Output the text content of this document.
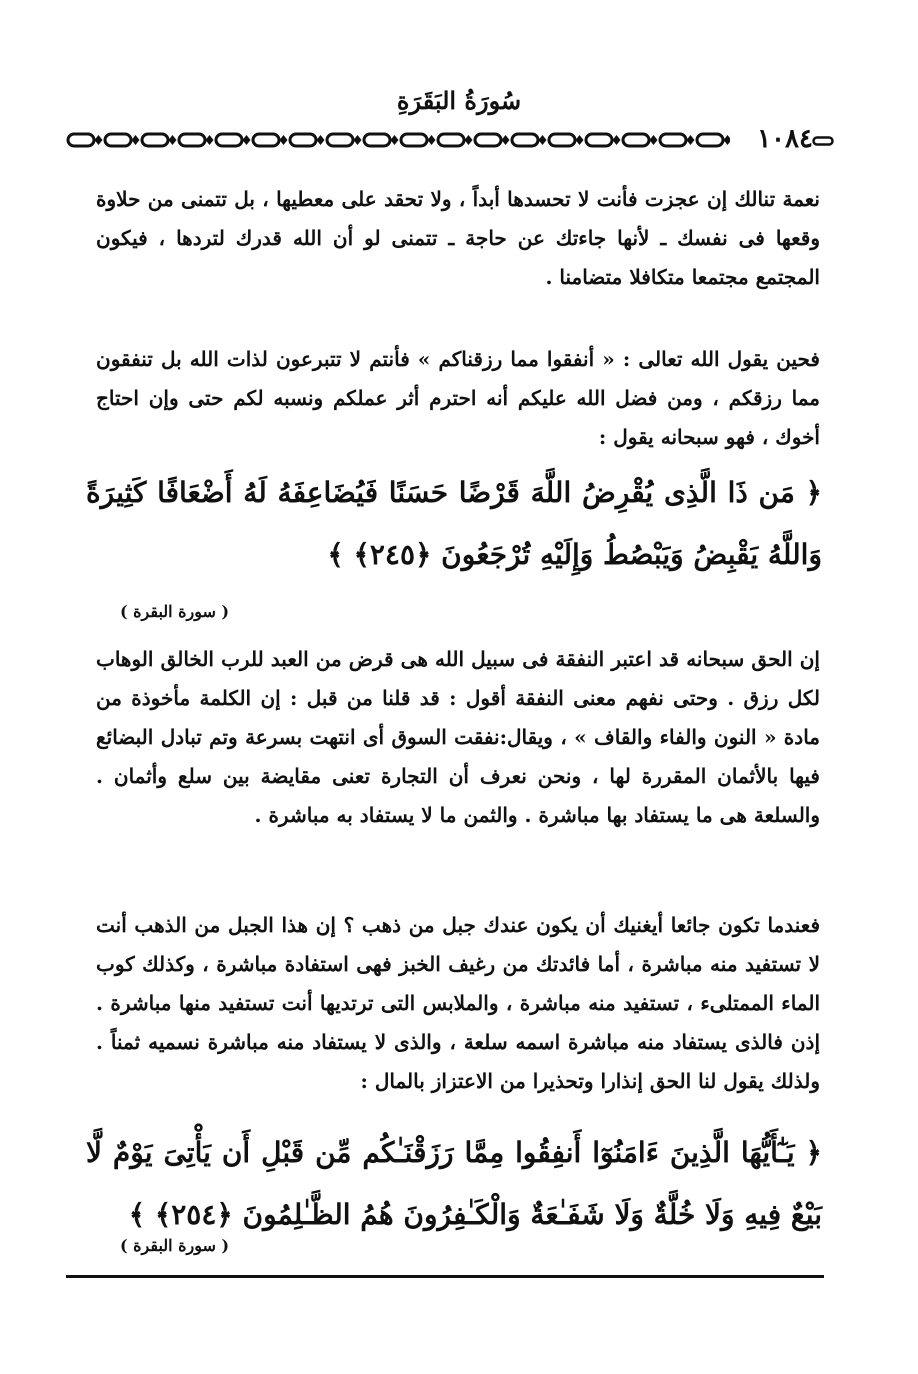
سُورَةُ البَقَرَةِ
١٠٨٤
نعمة تنالك إن عجزت فأنت لا تحسدها أبداً ، ولا تحقد على معطيها ، بل تتمنى من حلاوة وقعها فى نفسك ـ لأنها جاءتك عن حاجة ـ تتمنى لو أن الله قدرك لتردها ، فيكون المجتمع مجتمعا متكافلا متضامنا .
فحين يقول الله تعالى : « أنفقوا مما رزقناكم » فأنتم لا تتبرعون لذات الله بل تنفقون مما رزقكم ، ومن فضل الله عليكم أنه احترم أثر عملكم ونسبه لكم حتى وإن احتاج أخوك ، فهو سبحانه يقول :
﴿ مَن ذَا الَّذِى يُقْرِضُ اللَّهَ قَرْضًا حَسَنًا فَيُضَاعِفَهُ لَهُ أَضْعَافًا كَثِيرَةً وَاللَّهُ يَقْبِضُ وَيَبْصُطُ وَإِلَيْهِ تُرْجَعُونَ ﴿٢٤٥﴾ ﴾
( سورة البقرة )
إن الحق سبحانه قد اعتبر النفقة فى سبيل الله هى قرض من العبد للرب الخالق الوهاب لكل رزق . وحتى نفهم معنى النفقة أقول : قد قلنا من قبل : إن الكلمة مأخوذة من مادة « النون والفاء والقاف » ، ويقال:نفقت السوق أى انتهت بسرعة وتم تبادل البضائع فيها بالأثمان المقررة لها ، ونحن نعرف أن التجارة تعنى مقايضة بين سلع وأثمان . والسلعة هى ما يستفاد بها مباشرة . والثمن ما لا يستفاد به مباشرة .
فعندما تكون جائعا أيغنيك أن يكون عندك جبل من ذهب ؟ إن هذا الجبل من الذهب أنت لا تستفيد منه مباشرة ، أما فائدتك من رغيف الخبز فهى استفادة مباشرة ، وكذلك كوب الماء الممتلىء ، تستفيد منه مباشرة ، والملابس التى ترتديها أنت تستفيد منها مباشرة . إذن فالذى يستفاد منه مباشرة اسمه سلعة ، والذى لا يستفاد منه مباشرة نسميه ثمناً . ولذلك يقول لنا الحق إنذارا وتحذيرا من الاعتزاز بالمال :
﴿ يَـٰٓأَيُّهَا الَّذِينَ ءَامَنُوٓا أَنفِقُوا مِمَّا رَزَقْنَـٰكُم مِّن قَبْلِ أَن يَأْتِىَ يَوْمٌ لَّا بَيْعٌ فِيهِ وَلَا خُلَّةٌ وَلَا شَفَـٰعَةٌ وَالْكَـٰفِرُونَ هُمُ الظَّـٰلِمُونَ ﴿٢٥٤﴾ ﴾
( سورة البقرة )
